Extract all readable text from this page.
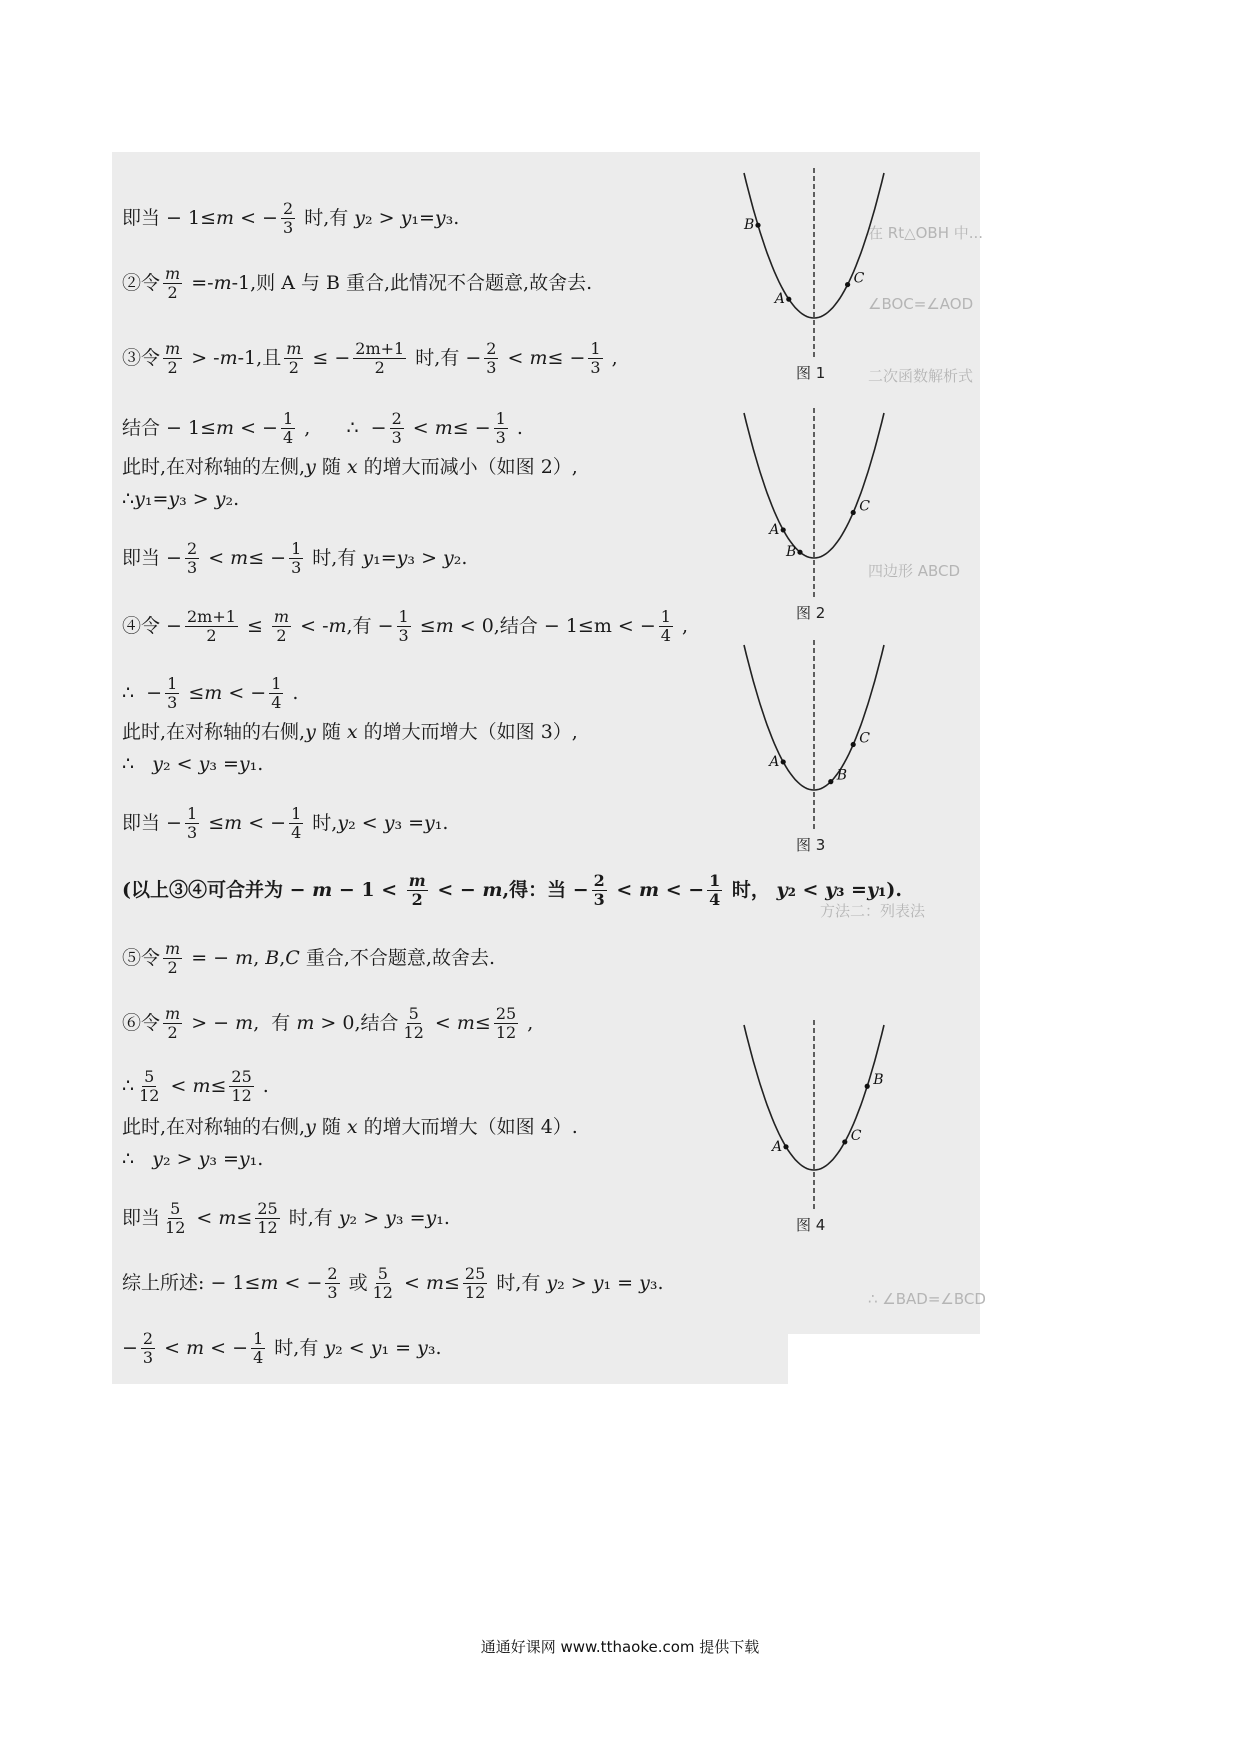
在 Rt△OBH 中...
∠BOC=∠AOD
二次函数解析式
四边形 ABCD
方法二：列表法
∴ ∠BAD=∠BCD
即当 − 1≤ m < − $\frac{2}{3}$ 时,有 y ₂ > y ₁= y ₃.
②令 $\frac{m}{2} =- m$ -1,则 A 与 B 重合,此情况不合题意,故舍去.
③令 $\frac{m}{2}$ > - m -1,且 $\frac{m}{2}$ ≤ − $\frac{2m+1}{2}$ 时,有 − $\frac{2}{3} < m$ ≤ − $\frac{1}{3}$ ,
结合 − 1≤ m < − $\frac{1}{4}$ ,      ∴  − $\frac{2}{3} < m$ ≤ − $\frac{1}{3}$ .
此时,在对称轴的左侧, y 随 x 的增大而减小（如图 2）,
∴ y ₁= y ₃ > y ₂.
即当 − $\frac{2}{3} < m$ ≤ − $\frac{1}{3}$ 时,有 y ₁= y ₃ > y ₂.
④令 − $\frac{2m+1}{2} \le \frac{m}{2}$ < - m ,有 − $\frac{1}{3} \le m < 0$,结合 − 1≤m < − $\frac{1}{4}$ ,
∴  − $\frac{1}{3} \le m$ < − $\frac{1}{4}$ .
此时,在对称轴的右侧, y 随 x 的增大而增大（如图 3）,
∴ y ₂ < y ₃ = y ₁.
即当 − $\frac{1}{3} \le m$ < − $\frac{1}{4}$ 时, y ₂ < y ₃ = y ₁.
(以上③④可合并为 − $m - 1 < \frac{m}{2}$ < − m ,得：当 − $\frac{2}{3} < m$ < − $\frac{1}{4}$ 时， y ₂ < y ₃ = y ₁).
⑤令 $\frac{m}{2}$ = − m , B , C 重合,不合题意,故舍去.
⑥令 $\frac{m}{2}$ > − m ,  有 m > 0,结合 $\frac{5}{12} < m \le \frac{25}{12}$ ,
∴ $\frac{5}{12} < m \le \frac{25}{12}$ .
此时,在对称轴的右侧, y 随 x 的增大而增大（如图 4）.
∴ y ₂ > y ₃ = y ₁.
即当 $\frac{5}{12} < m \le \frac{25}{12}$ 时,有 y ₂ > y ₃ = y ₁.
综上所述: − 1≤ m < − $\frac{2}{3}$ 或 $\frac{5}{12} < m \le \frac{25}{12}$ 时,有 y ₂ > y ₁ = y ₃.
− $\frac{2}{3} < m$ < − $\frac{1}{4}$ 时,有 y ₂ < y ₁ = y ₃.
B
A
C
图 1
A
B
C
图 2
A
B
C
图 3
A
C
B
图 4
通通好课网 www.tthaoke.com 提供下载
